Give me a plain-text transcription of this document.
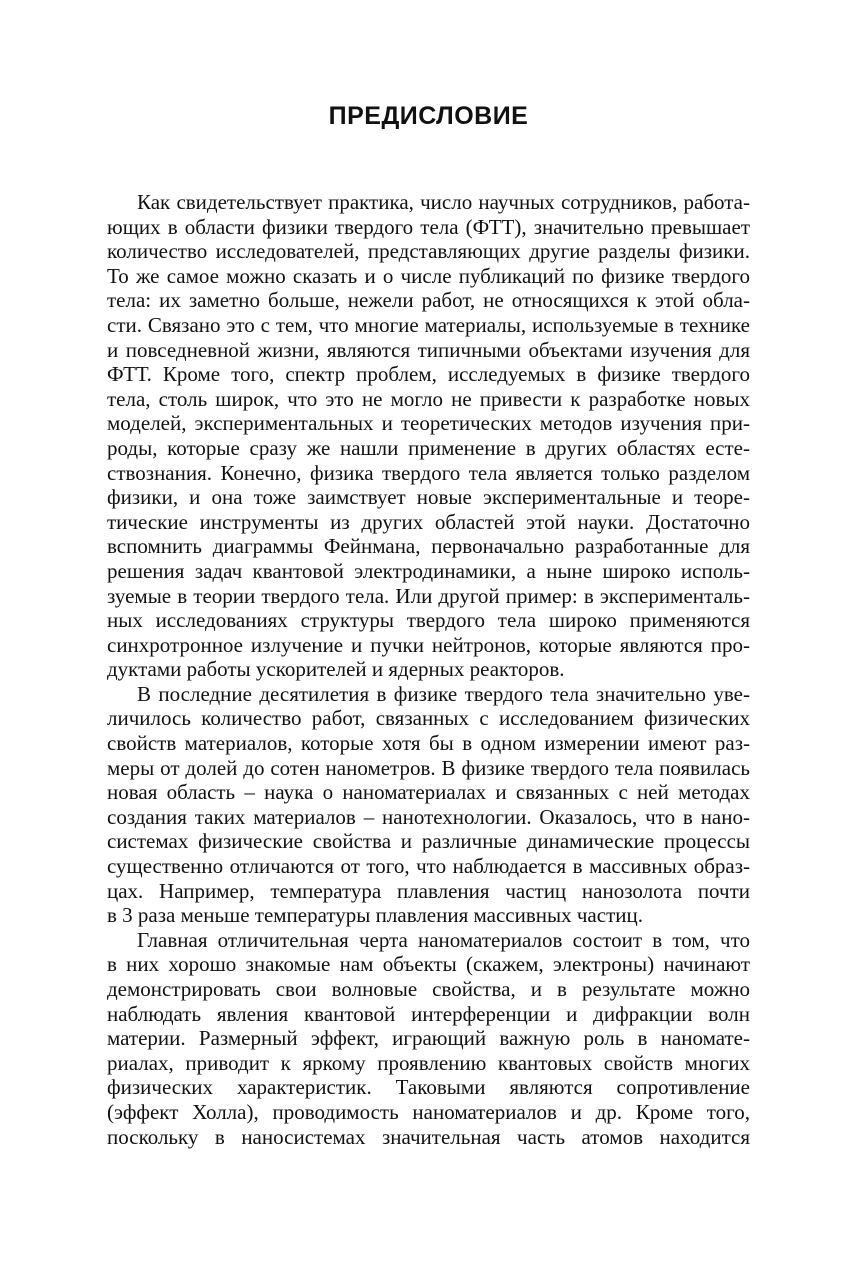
ПРЕДИСЛОВИЕ
Как свидетельствует практика, число научных сотрудников, работа-
ющих в области физики твердого тела (ФТТ), значительно превышает
количество исследователей, представляющих другие разделы физики.
То же самое можно сказать и о числе публикаций по физике твердого
тела: их заметно больше, нежели работ, не относящихся к этой обла-
сти. Связано это с тем, что многие материалы, используемые в технике
и повседневной жизни, являются типичными объектами изучения для
ФТТ. Кроме того, спектр проблем, исследуемых в физике твердого
тела, столь широк, что это не могло не привести к разработке новых
моделей, экспериментальных и теоретических методов изучения при-
роды, которые сразу же нашли применение в других областях есте-
ствознания. Конечно, физика твердого тела является только разделом
физики, и она тоже заимствует новые экспериментальные и теоре-
тические инструменты из других областей этой науки. Достаточно
вспомнить диаграммы Фейнмана, первоначально разработанные для
решения задач квантовой электродинамики, а ныне широко исполь-
зуемые в теории твердого тела. Или другой пример: в эксперименталь-
ных исследованиях структуры твердого тела широко применяются
синхротронное излучение и пучки нейтронов, которые являются про-
дуктами работы ускорителей и ядерных реакторов.
В последние десятилетия в физике твердого тела значительно уве-
личилось количество работ, связанных с исследованием физических
свойств материалов, которые хотя бы в одном измерении имеют раз-
меры от долей до сотен нанометров. В физике твердого тела появилась
новая область – наука о наноматериалах и связанных с ней методах
создания таких материалов – нанотехнологии. Оказалось, что в нано-
системах физические свойства и различные динамические процессы
существенно отличаются от того, что наблюдается в массивных образ-
цах. Например, температура плавления частиц нанозолота почти
в 3 раза меньше температуры плавления массивных частиц.
Главная отличительная черта наноматериалов состоит в том, что
в них хорошо знакомые нам объекты (скажем, электроны) начинают
демонстрировать свои волновые свойства, и в результате можно
наблюдать явления квантовой интерференции и дифракции волн
материи. Размерный эффект, играющий важную роль в наномате-
риалах, приводит к яркому проявлению квантовых свойств многих
физических характеристик. Таковыми являются сопротивление
(эффект Холла), проводимость наноматериалов и др. Кроме того,
поскольку в наносистемах значительная часть атомов находится
